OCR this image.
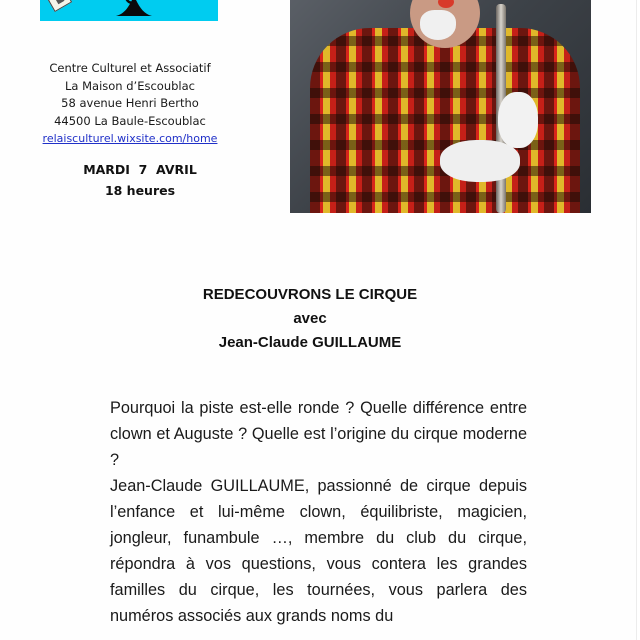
Centre Culturel et Associatif
La Maison d’Escoublac
58 avenue Henri Bertho
44500 La Baule-Escoublac
relaisculturel.wixsite.com/home
MARDI  7  AVRIL
18 heures
REDECOUVRONS LE CIRQUE
avec
Jean-Claude GUILLAUME

Pourquoi la piste est-elle ronde ? Quelle différence entre clown et Auguste ? Quelle est l’origine du cirque moderne ?

Jean-Claude GUILLAUME, passionné de cirque depuis l’enfance et lui-même clown, équilibriste, magicien, jongleur, funambule …, membre du club du cirque, répondra à vos questions, vous contera les grandes familles du cirque, les tournées, vous parlera des numéros associés aux grands noms du
